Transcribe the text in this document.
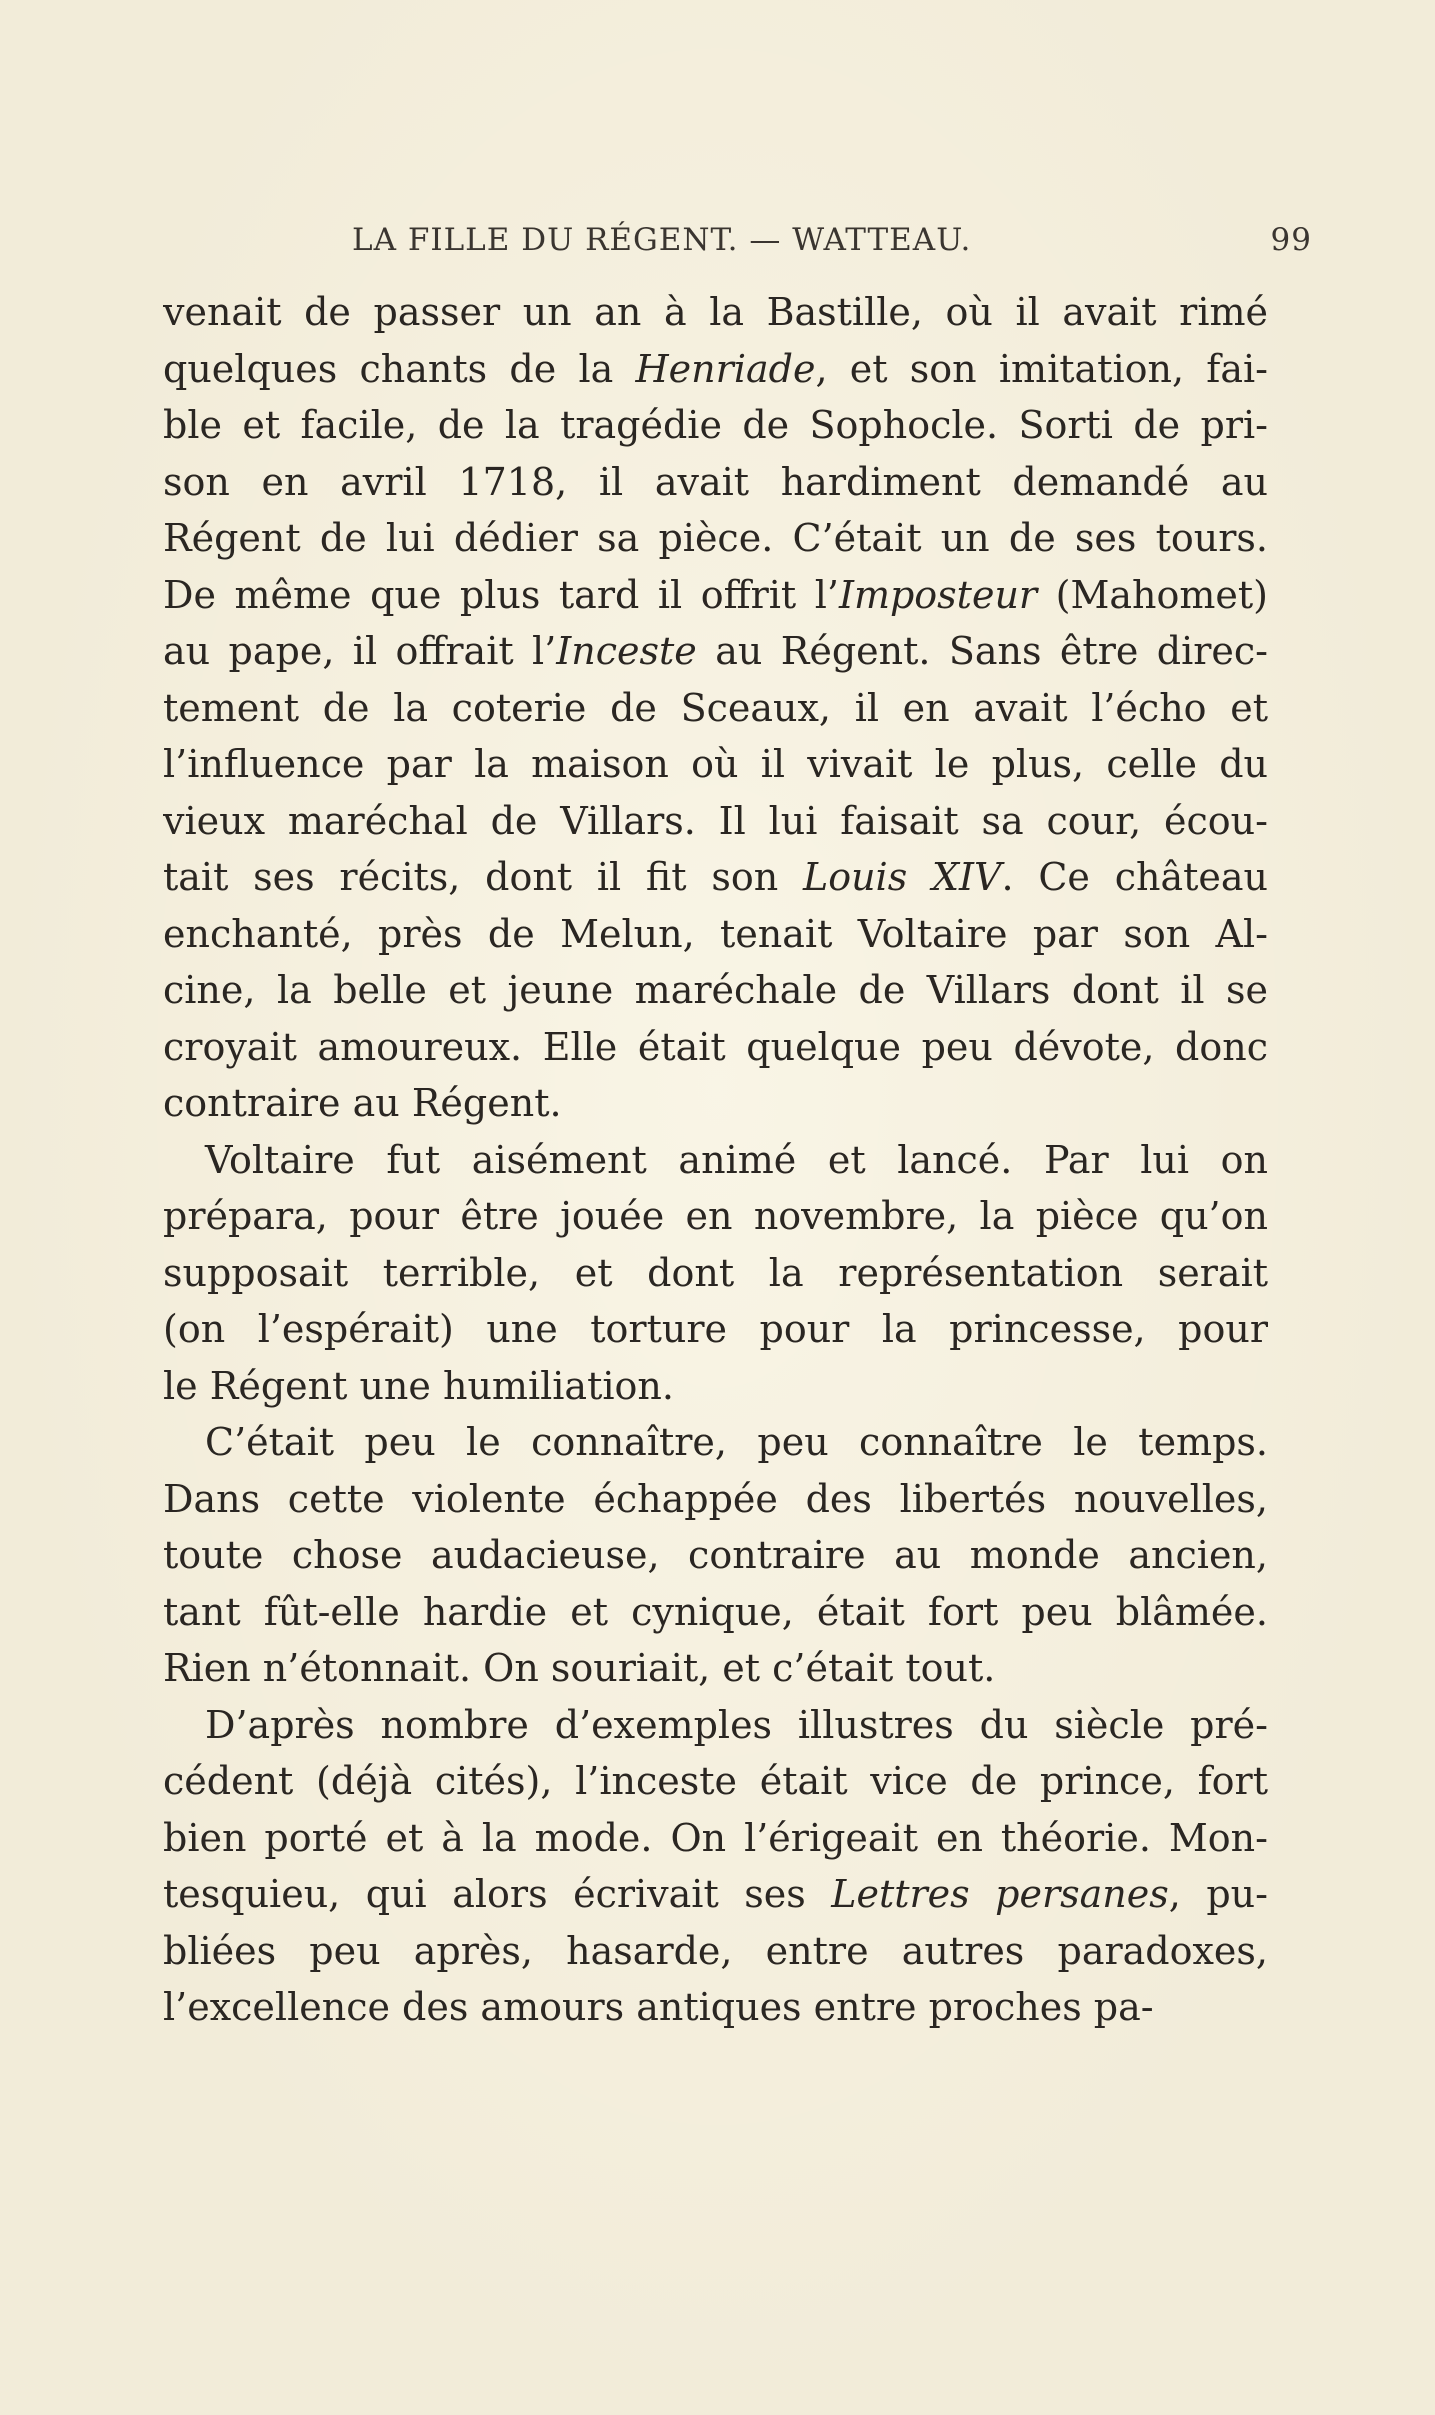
LA FILLE DU RÉGENT. — WATTEAU.	99
venait de passer un an à la Bastille, où il avait rimé
quelques chants de la Henriade, et son imitation, fai-
ble et facile, de la tragédie de Sophocle. Sorti de pri-
son en avril 1718, il avait hardiment demandé au
Régent de lui dédier sa pièce. C’était un de ses tours.
De même que plus tard il offrit l’Imposteur (Mahomet)
au pape, il offrait l’Inceste au Régent. Sans être direc-
tement de la coterie de Sceaux, il en avait l’écho et
l’influence par la maison où il vivait le plus, celle du
vieux maréchal de Villars. Il lui faisait sa cour, écou-
tait ses récits, dont il fit son Louis XIV. Ce château
enchanté, près de Melun, tenait Voltaire par son Al-
cine, la belle et jeune maréchale de Villars dont il se
croyait amoureux. Elle était quelque peu dévote, donc
contraire au Régent.
Voltaire fut aisément animé et lancé. Par lui on
prépara, pour être jouée en novembre, la pièce qu’on
supposait terrible, et dont la représentation serait
(on l’espérait) une torture pour la princesse, pour
le Régent une humiliation.
C’était peu le connaître, peu connaître le temps.
Dans cette violente échappée des libertés nouvelles,
toute chose audacieuse, contraire au monde ancien,
tant fût-elle hardie et cynique, était fort peu blâmée.
Rien n’étonnait. On souriait, et c’était tout.
D’après nombre d’exemples illustres du siècle pré-
cédent (déjà cités), l’inceste était vice de prince, fort
bien porté et à la mode. On l’érigeait en théorie. Mon-
tesquieu, qui alors écrivait ses Lettres persanes, pu-
bliées peu après, hasarde, entre autres paradoxes,
l’excellence des amours antiques entre proches pa-
